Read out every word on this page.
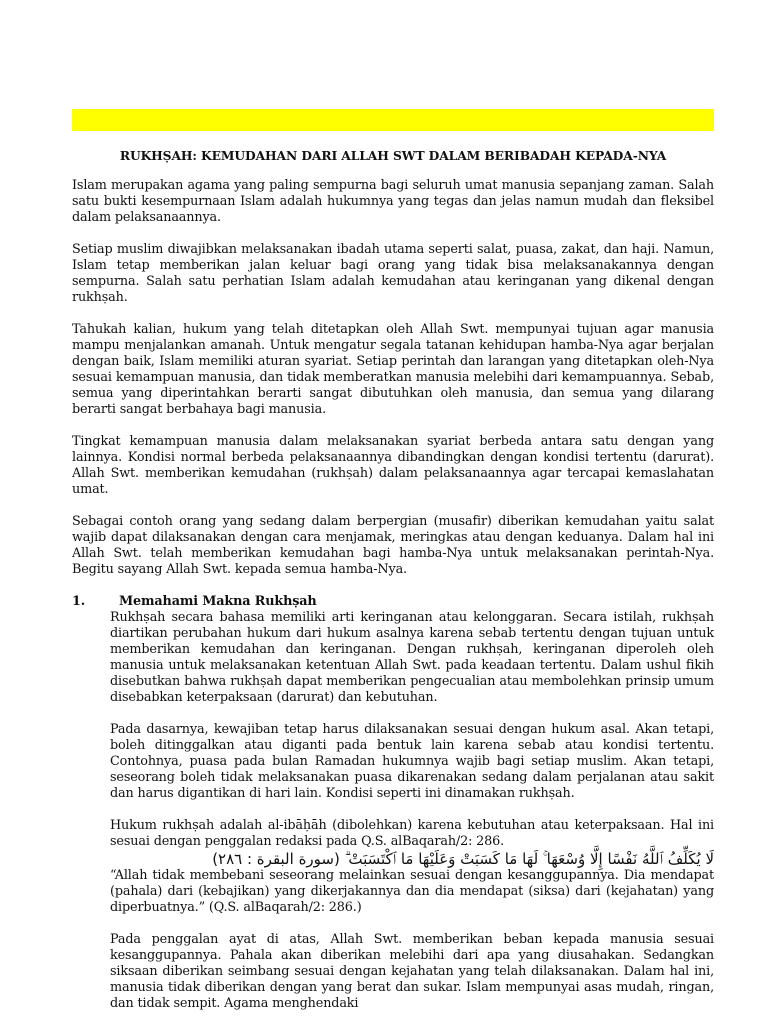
RUKHṢAH: KEMUDAHAN DARI ALLAH SWT DALAM BERIBADAH KEPADA-NYA

Islam merupakan agama yang paling sempurna bagi seluruh umat manusia sepanjang zaman. Salah satu bukti kesempurnaan Islam adalah hukumnya yang tegas dan jelas namun mudah dan fleksibel dalam pelaksanaannya.

Setiap muslim diwajibkan melaksanakan ibadah utama seperti salat, puasa, zakat, dan haji. Namun, Islam tetap memberikan jalan keluar bagi orang yang tidak bisa melaksanakannya dengan sempurna. Salah satu perhatian Islam adalah kemudahan atau keringanan yang dikenal dengan rukhṣah.

Tahukah kalian, hukum yang telah ditetapkan oleh Allah Swt. mempunyai tujuan agar manusia mampu menjalankan amanah. Untuk mengatur segala tatanan kehidupan hamba-Nya agar berjalan dengan baik, Islam memiliki aturan syariat. Setiap perintah dan larangan yang ditetapkan oleh-Nya sesuai kemampuan manusia, dan tidak memberatkan manusia melebihi dari kemampuannya. Sebab, semua yang diperintahkan berarti sangat dibutuhkan oleh manusia, dan semua yang dilarang berarti sangat berbahaya bagi manusia.

Tingkat kemampuan manusia dalam melaksanakan syariat berbeda antara satu dengan yang lainnya. Kondisi normal berbeda pelaksanaannya dibandingkan dengan kondisi tertentu (darurat). Allah Swt. memberikan kemudahan (rukhṣah) dalam pelaksanaannya agar tercapai kemaslahatan umat.

Sebagai contoh orang yang sedang dalam berpergian (musafir) diberikan kemudahan yaitu salat wajib dapat dilaksanakan dengan cara menjamak, meringkas atau dengan keduanya. Dalam hal ini Allah Swt. telah memberikan kemudahan bagi hamba-Nya untuk melaksanakan perintah-Nya. Begitu sayang Allah Swt. kepada semua hamba-Nya.

1.	Memahami Makna Rukhṣah

Rukhṣah secara bahasa memiliki arti keringanan atau kelonggaran. Secara istilah, rukhṣah diartikan perubahan hukum dari hukum asalnya karena sebab tertentu dengan tujuan untuk memberikan kemudahan dan keringanan. Dengan rukhṣah, keringanan diperoleh oleh manusia untuk melaksanakan ketentuan Allah Swt. pada keadaan tertentu. Dalam ushul fikih disebutkan bahwa rukhṣah dapat memberikan pengecualian atau membolehkan prinsip umum disebabkan keterpaksaan (darurat) dan kebutuhan.

Pada dasarnya, kewajiban tetap harus dilaksanakan sesuai dengan hukum asal. Akan tetapi, boleh ditinggalkan atau diganti pada bentuk lain karena sebab atau kondisi tertentu. Contohnya, puasa pada bulan Ramadan hukumnya wajib bagi setiap muslim. Akan tetapi, seseorang boleh tidak melaksanakan puasa dikarenakan sedang dalam perjalanan atau sakit dan harus digantikan di hari lain. Kondisi seperti ini dinamakan rukhṣah.

Hukum rukhṣah adalah al-ibāḥāh (dibolehkan) karena kebutuhan atau keterpaksaan. Hal ini sesuai dengan penggalan redaksi pada Q.S. alBaqarah/2: 286.

لَا يُكَلِّفُ ٱللَّهُ نَفْسًا إِلَّا وُسْعَهَا ۚ لَهَا مَا كَسَبَتْ وَعَلَيْهَا مَا ٱكْتَسَبَتْ ۗ (سورة البقرة : ٢٨٦)

“Allah tidak membebani seseorang melainkan sesuai dengan kesanggupannya. Dia mendapat (pahala) dari (kebajikan) yang dikerjakannya dan dia mendapat (siksa) dari (kejahatan) yang diperbuatnya.” (Q.S. alBaqarah/2: 286.)

Pada penggalan ayat di atas, Allah Swt. memberikan beban kepada manusia sesuai kesanggupannya. Pahala akan diberikan melebihi dari apa yang diusahakan. Sedangkan siksaan diberikan seimbang sesuai dengan kejahatan yang telah dilaksanakan. Dalam hal ini, manusia tidak diberikan dengan yang berat dan sukar. Islam mempunyai asas mudah, ringan, dan tidak sempit. Agama menghendaki
